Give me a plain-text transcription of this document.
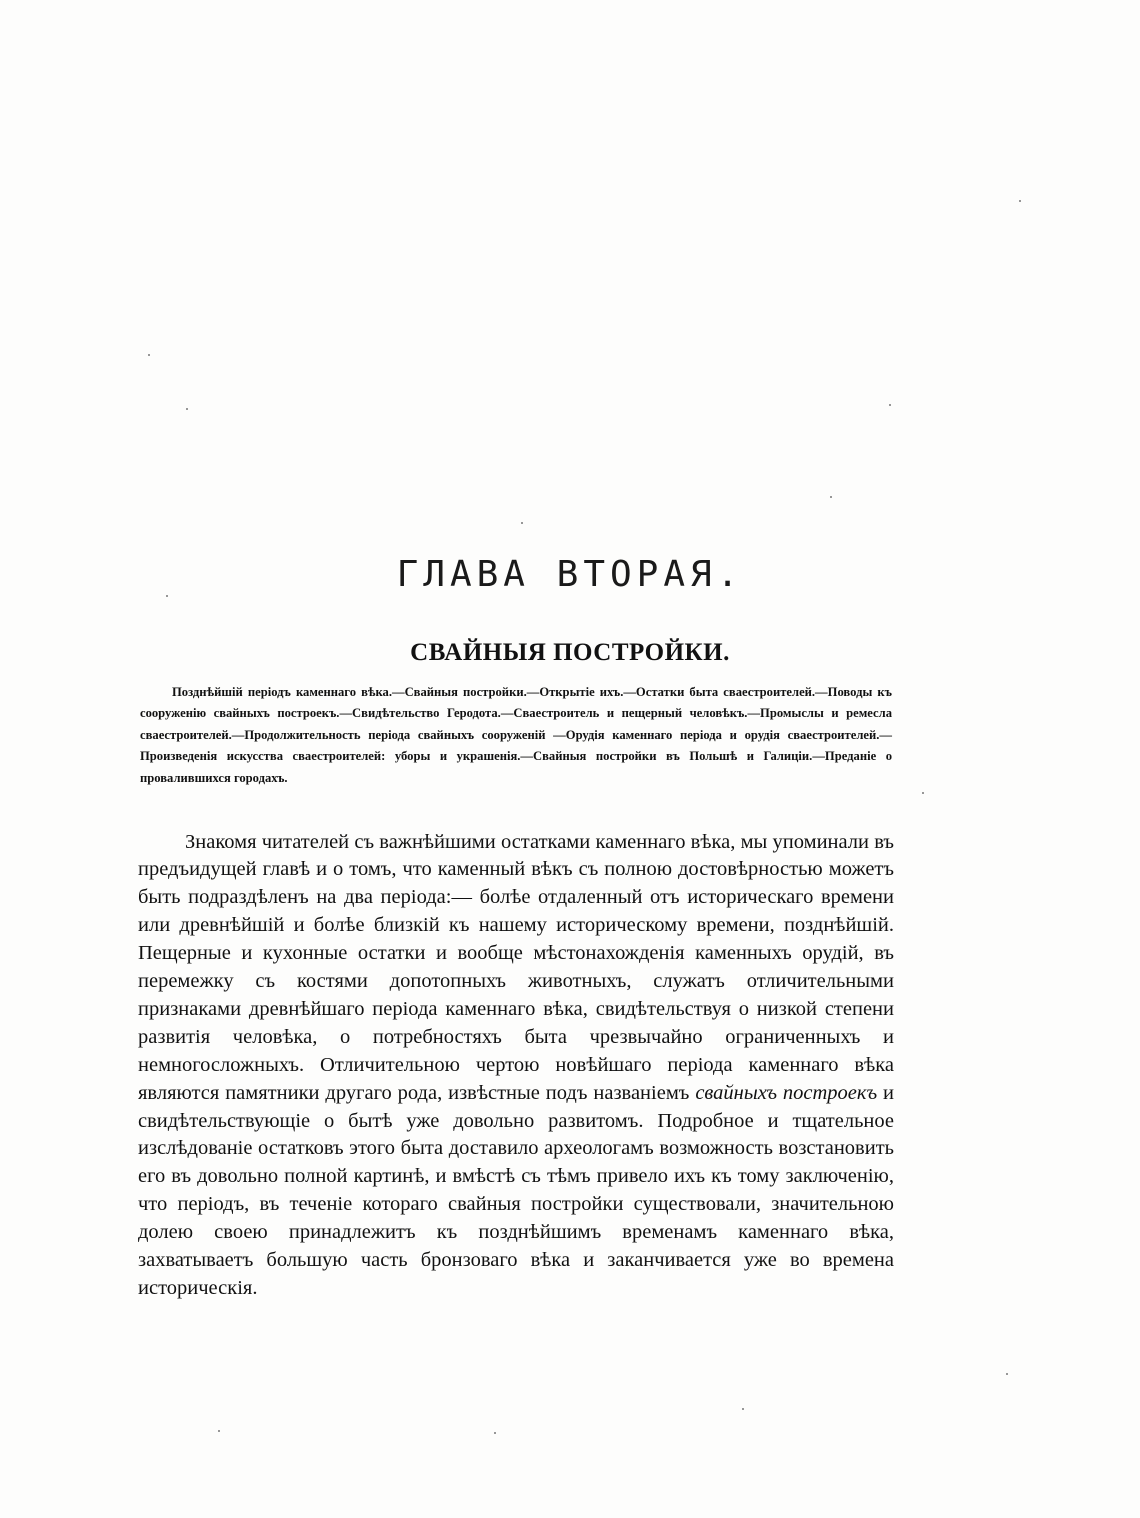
ГЛАВА ВТОРАЯ.
СВАЙНЫЯ ПОСТРОЙКИ.

Позднѣйшій періодъ каменнаго вѣка.—Свайныя постройки.—Открытіе ихъ.—Остатки быта свaестроителей.—Поводы къ сооруженію свайныхъ построекъ.—Свидѣтельство Геродота.—Свaестроитель и пещерный человѣкъ.—Промыслы и ремесла свaестроителей.—Продолжительность періода свайныхъ сооруженій —Орудія каменнаго періода и орудія свaестроителей.—Произведенія искусства свaестроителей: уборы и украшенія.—Свайныя постройки въ Польшѣ и Галиціи.—Преданіе о провалившихся городахъ.

Знакомя читателей съ важнѣйшими остатками каменнаго вѣка, мы упоминали въ предъидущей главѣ и о томъ, что каменный вѣкъ съ полною достовѣрностью можетъ быть подраздѣленъ на два періода:— болѣе отдаленный отъ историческаго времени или древнѣйшій и болѣе близкій къ нашему историческому времени, позднѣйшій. Пещерные и кухонные остатки и вообще мѣстонахожденія каменныхъ орудій, въ перемежку съ костями допотопныхъ животныхъ, служатъ отличительными признаками древнѣйшаго періода каменнаго вѣка, свидѣтельствуя о низкой степени развитія человѣка, о потребностяхъ быта чрезвычайно ограниченныхъ и немногосложныхъ. Отличительною чертою новѣйшаго періода каменнаго вѣка являются памятники другаго рода, извѣстные подъ названіемъ свайныхъ построекъ и свидѣтельствующіе о бытѣ уже довольно развитомъ. Подробное и тщательное изслѣдованіе остатковъ этого быта доставило археологамъ возможность возстановить его въ довольно полной картинѣ, и вмѣстѣ съ тѣмъ привело ихъ къ тому заключенію, что періодъ, въ теченіе котораго свайныя постройки существовали, значительною долею своею принадлежитъ къ позднѣйшимъ временамъ каменнаго вѣка, захватываетъ большую часть бронзоваго вѣка и заканчивается уже во времена историческія.
